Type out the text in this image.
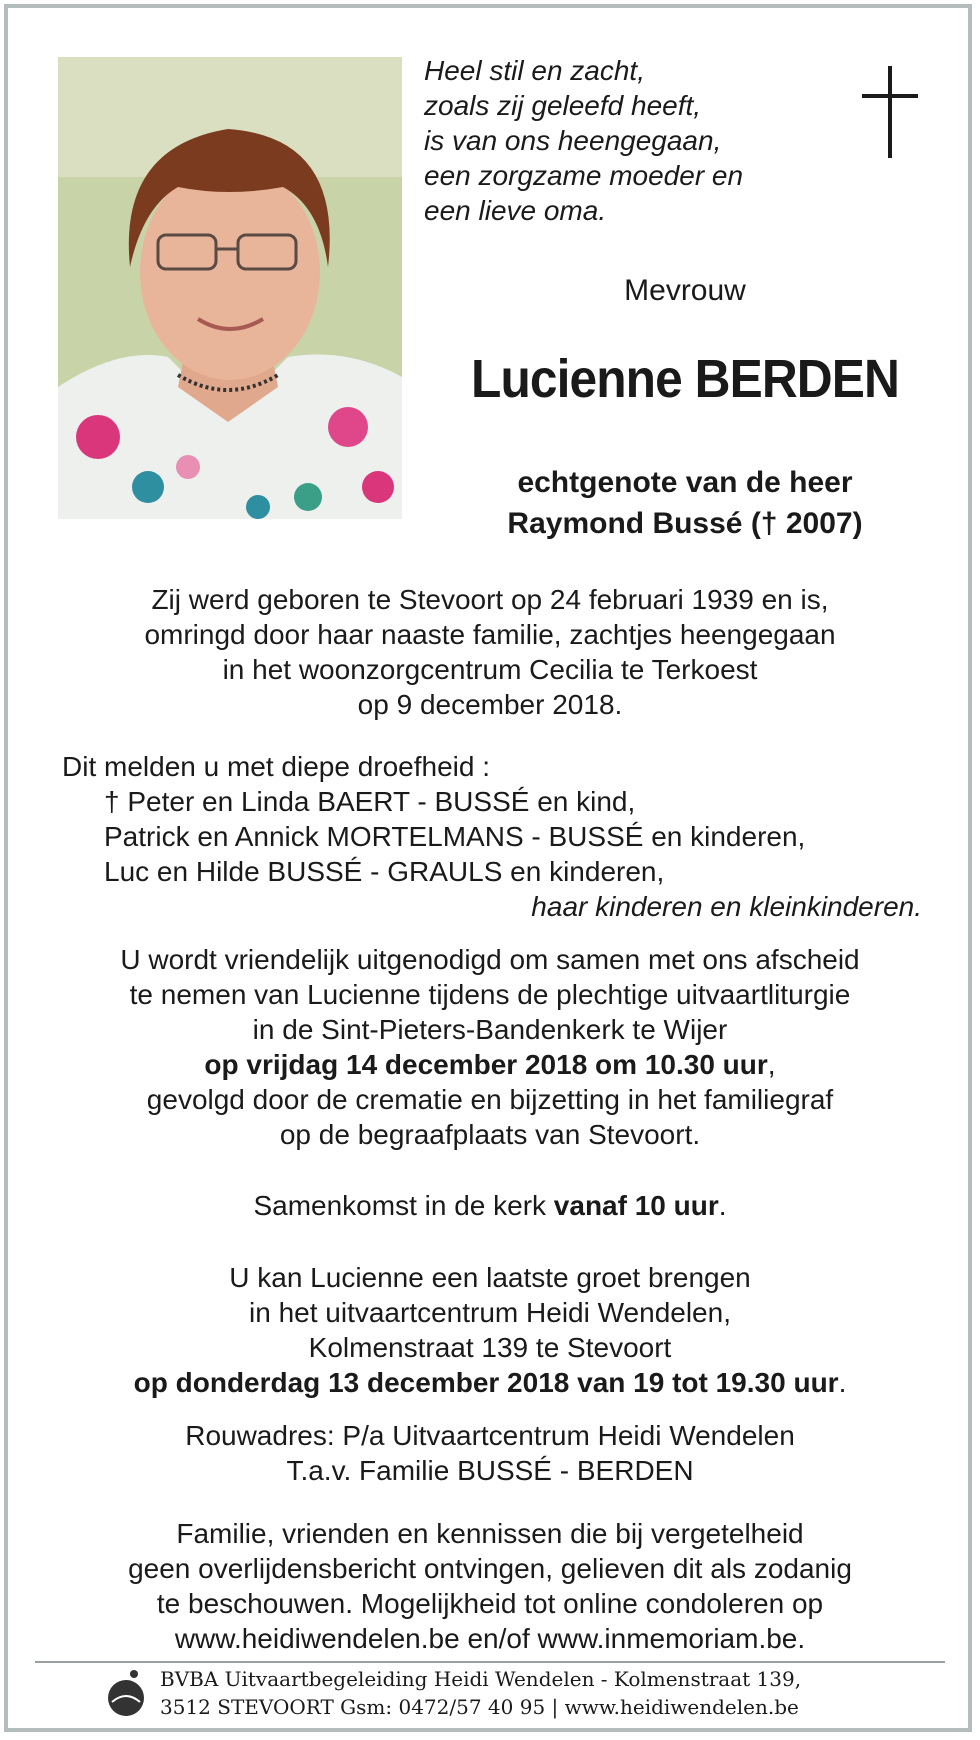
Heel stil en zacht,
zoals zij geleefd heeft,
is van ons heengegaan,
een zorgzame moeder en
een lieve oma.
Mevrouw
Lucienne BERDEN
echtgenote van de heer
Raymond Bussé († 2007)
Zij werd geboren te Stevoort op 24 februari 1939 en is,
omringd door haar naaste familie, zachtjes heengegaan
in het woonzorgcentrum Cecilia te Terkoest
op 9 december 2018.
Dit melden u met diepe droefheid :
† Peter en Linda BAERT - BUSSÉ en kind,
Patrick en Annick MORTELMANS - BUSSÉ en kinderen,
Luc en Hilde BUSSÉ - GRAULS en kinderen,
haar kinderen en kleinkinderen.
U wordt vriendelijk uitgenodigd om samen met ons afscheid
te nemen van Lucienne tijdens de plechtige uitvaartliturgie
in de Sint-Pieters-Bandenkerk te Wijer
op vrijdag 14 december 2018 om 10.30 uur,
gevolgd door de crematie en bijzetting in het familiegraf
op de begraafplaats van Stevoort.
Samenkomst in de kerk vanaf 10 uur.
U kan Lucienne een laatste groet brengen
in het uitvaartcentrum Heidi Wendelen,
Kolmenstraat 139 te Stevoort
op donderdag 13 december 2018 van 19 tot 19.30 uur.
Rouwadres: P/a Uitvaartcentrum Heidi Wendelen
T.a.v. Familie BUSSÉ - BERDEN
Familie, vrienden en kennissen die bij vergetelheid
geen overlijdensbericht ontvingen, gelieven dit als zodanig
te beschouwen. Mogelijkheid tot online condoleren op
www.heidiwendelen.be en/of www.inmemoriam.be.
BVBA Uitvaartbegeleiding Heidi Wendelen - Kolmenstraat 139,
3512 STEVOORT Gsm: 0472/57 40 95 | www.heidiwendelen.be
